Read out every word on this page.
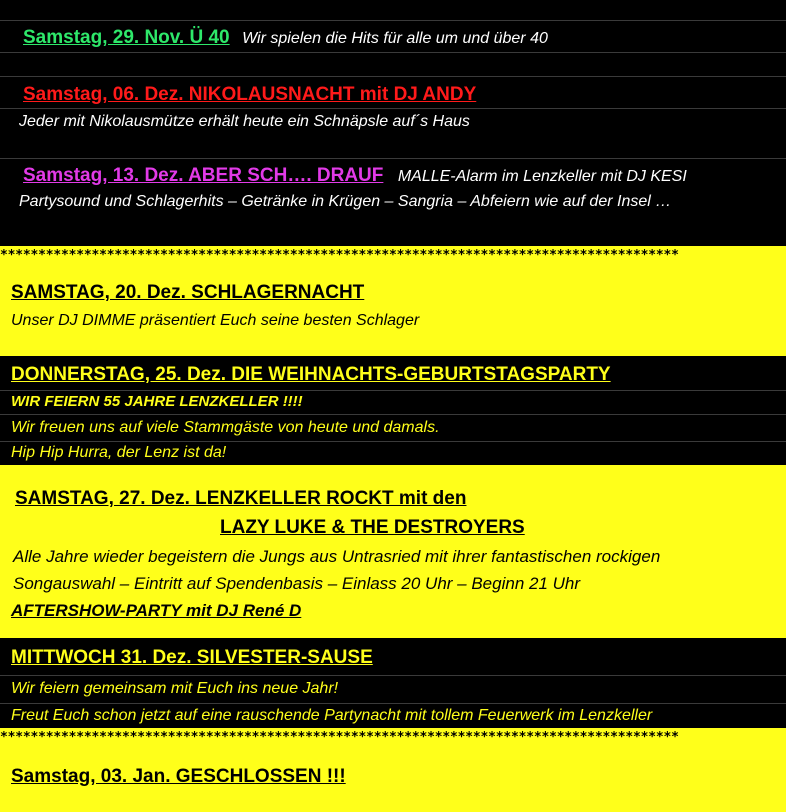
Samstag, 29. Nov. Ü 40 Wir spielen die Hits für alle um und über 40
Samstag, 06. Dez. NIKOLAUSNACHT mit DJ ANDY
Jeder mit Nikolausmütze erhält heute ein Schnäpsle auf´s Haus
Samstag, 13. Dez. ABER SCH…. DRAUF MALLE-Alarm im Lenzkeller mit DJ KESI
Partysound und Schlagerhits – Getränke in Krügen – Sangria – Abfeiern wie auf der Insel …
*****************************************************************************************
SAMSTAG, 20. Dez. SCHLAGERNACHT
Unser DJ DIMME präsentiert Euch seine besten Schlager
DONNERSTAG, 25. Dez. DIE WEIHNACHTS-GEBURTSTAGSPARTY
WIR FEIERN 55 JAHRE LENZKELLER !!!!
Wir freuen uns auf viele Stammgäste von heute und damals.
Hip Hip Hurra, der Lenz ist da!
SAMSTAG, 27. Dez. LENZKELLER ROCKT mit den
LAZY LUKE & THE DESTROYERS
Alle Jahre wieder begeistern die Jungs aus Untrasried mit ihrer fantastischen rockigen
Songauswahl – Eintritt auf Spendenbasis – Einlass 20 Uhr – Beginn 21 Uhr
AFTERSHOW-PARTY mit DJ René D
MITTWOCH 31. Dez. SILVESTER-SAUSE
Wir feiern gemeinsam mit Euch ins neue Jahr!
Freut Euch schon jetzt auf eine rauschende Partynacht mit tollem Feuerwerk im Lenzkeller
*****************************************************************************************
Samstag, 03. Jan. GESCHLOSSEN !!!
